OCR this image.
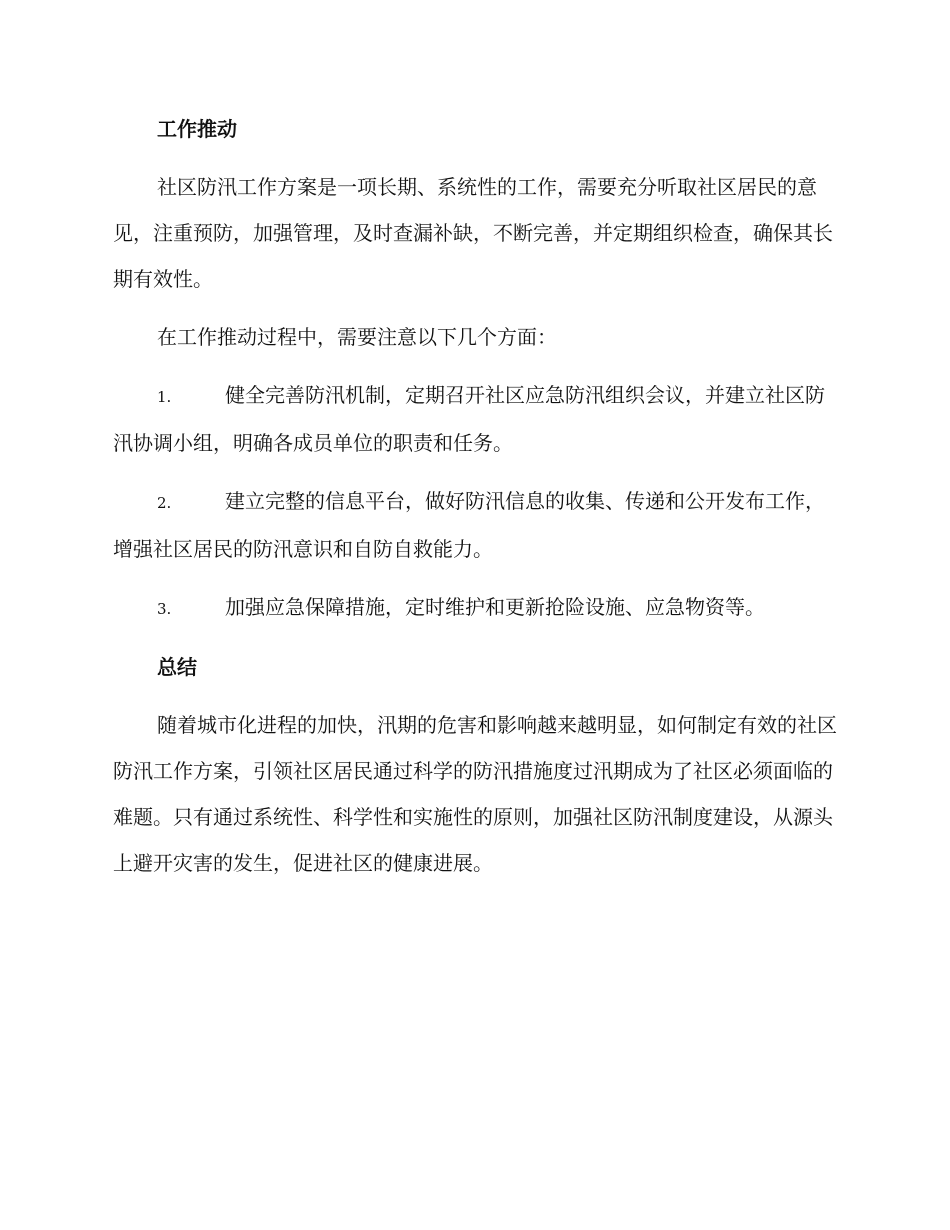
工作推动

社区防汛工作方案是一项长期、系统性的工作，需要充分听取社区居民的意见，注重预防，加强管理，及时查漏补缺，不断完善，并定期组织检查，确保其长期有效性。

在工作推动过程中，需要注意以下几个方面：

1.	健全完善防汛机制，定期召开社区应急防汛组织会议，并建立社区防汛协调小组，明确各成员单位的职责和任务。

2.	建立完整的信息平台，做好防汛信息的收集、传递和公开发布工作，增强社区居民的防汛意识和自防自救能力。

3.	加强应急保障措施，定时维护和更新抢险设施、应急物资等。

总结

随着城市化进程的加快，汛期的危害和影响越来越明显，如何制定有效的社区防汛工作方案，引领社区居民通过科学的防汛措施度过汛期成为了社区必须面临的难题。只有通过系统性、科学性和实施性的原则，加强社区防汛制度建设，从源头上避开灾害的发生，促进社区的健康进展。
